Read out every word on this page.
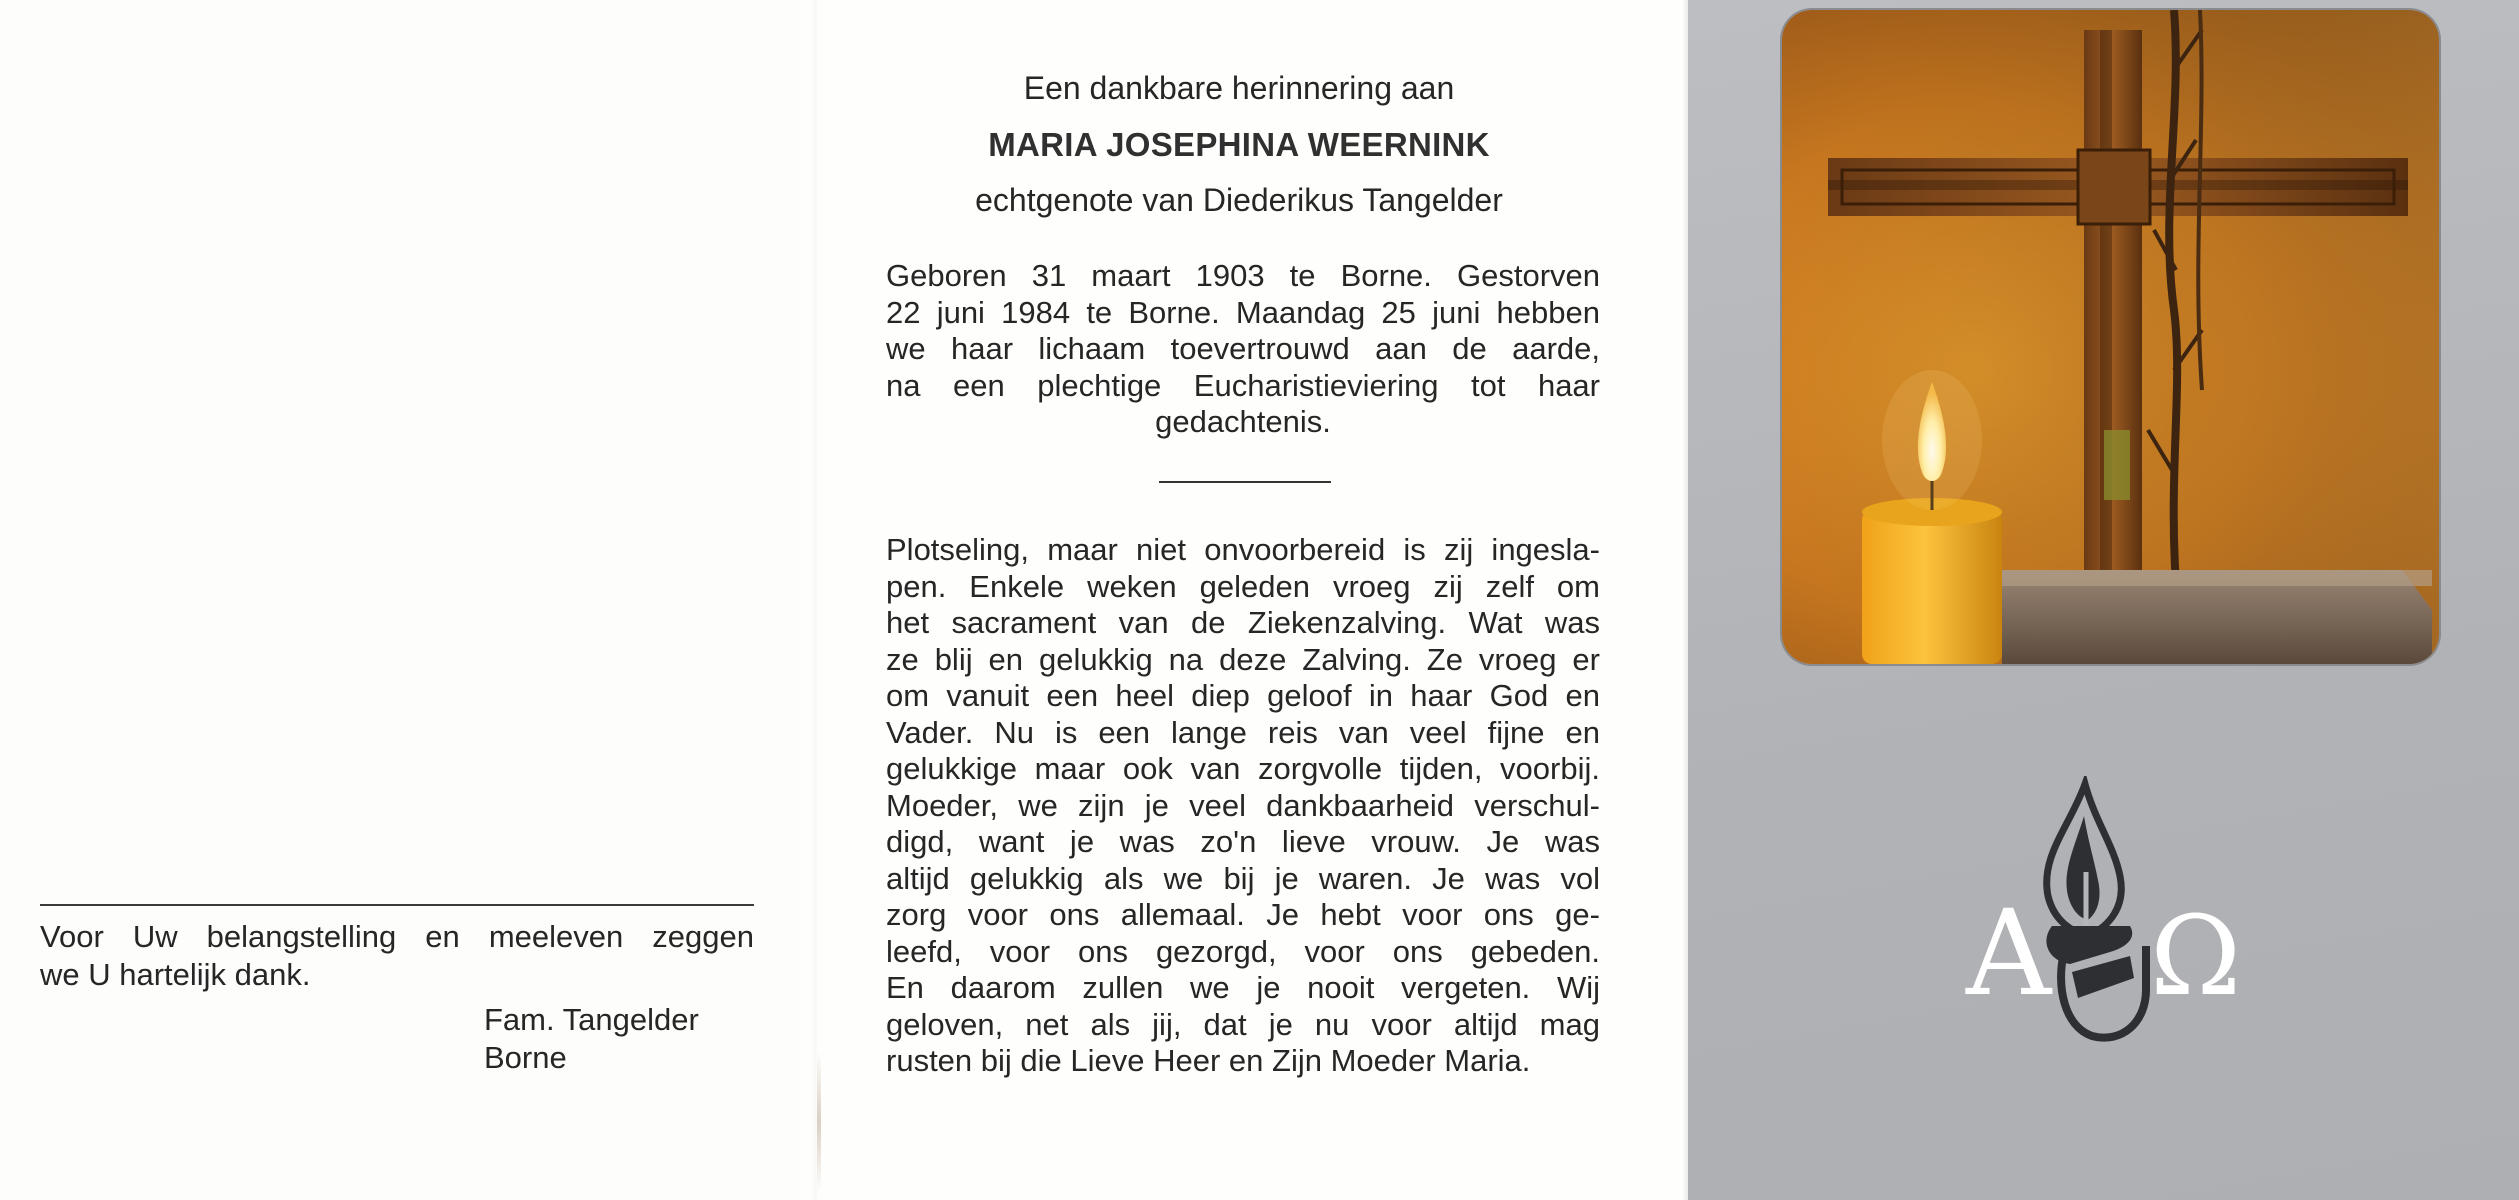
Voor Uw belangstelling en meeleven zeggen
we U hartelijk dank.
Fam. Tangelder
Borne
Een dankbare herinnering aan
MARIA JOSEPHINA WEERNINK
echtgenote van Diederikus Tangelder
Geboren 31 maart 1903 te Borne. Gestorven
22 juni 1984 te Borne. Maandag 25 juni hebben
we haar lichaam toevertrouwd aan de aarde,
na een plechtige Eucharistieviering tot haar
gedachtenis.
Plotseling, maar niet onvoorbereid is zij ingesla-
pen. Enkele weken geleden vroeg zij zelf om
het sacrament van de Ziekenzalving. Wat was
ze blij en gelukkig na deze Zalving. Ze vroeg er
om vanuit een heel diep geloof in haar God en
Vader. Nu is een lange reis van veel fijne en
gelukkige maar ook van zorgvolle tijden, voorbij.
Moeder, we zijn je veel dankbaarheid verschul-
digd, want je was zo'n lieve vrouw. Je was
altijd gelukkig als we bij je waren. Je was vol
zorg voor ons allemaal. Je hebt voor ons ge-
leefd, voor ons gezorgd, voor ons gebeden.
En daarom zullen we je nooit vergeten. Wij
geloven, net als jij, dat je nu voor altijd mag
rusten bij die Lieve Heer en Zijn Moeder Maria.
Α Ω
